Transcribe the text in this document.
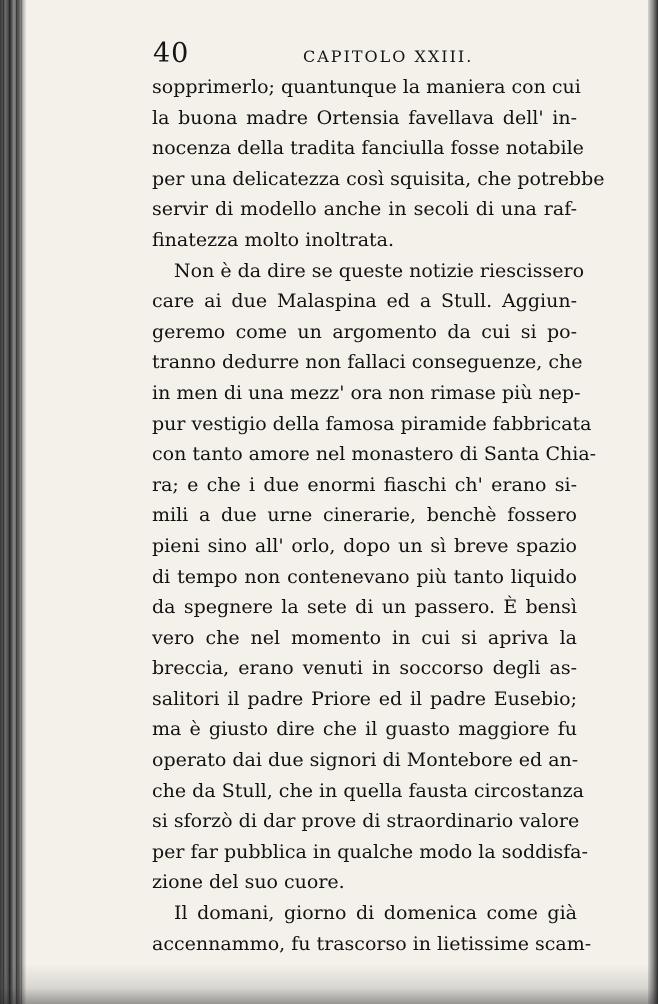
40	CAPITOLO XXIII.
sopprimerlo; quantunque la maniera con cui
la buona madre Ortensia favellava dell' in-
nocenza della tradita fanciulla fosse notabile
per una delicatezza così squisita, che potrebbe
servir di modello anche in secoli di una raf-
finatezza molto inoltrata.
Non è da dire se queste notizie riescissero
care ai due Malaspina ed a Stull. Aggiun-
geremo come un argomento da cui si po-
tranno dedurre non fallaci conseguenze, che
in men di una mezz' ora non rimase più nep-
pur vestigio della famosa piramide fabbricata
con tanto amore nel monastero di Santa Chia-
ra; e che i due enormi fiaschi ch' erano si-
mili a due urne cinerarie, benchè fossero
pieni sino all' orlo, dopo un sì breve spazio
di tempo non contenevano più tanto liquido
da spegnere la sete di un passero. È bensì
vero che nel momento in cui si apriva la
breccia, erano venuti in soccorso degli as-
salitori il padre Priore ed il padre Eusebio;
ma è giusto dire che il guasto maggiore fu
operato dai due signori di Montebore ed an-
che da Stull, che in quella fausta circostanza
si sforzò di dar prove di straordinario valore
per far pubblica in qualche modo la soddisfa-
zione del suo cuore.
Il domani, giorno di domenica come già
accennammo, fu trascorso in lietissime scam-
